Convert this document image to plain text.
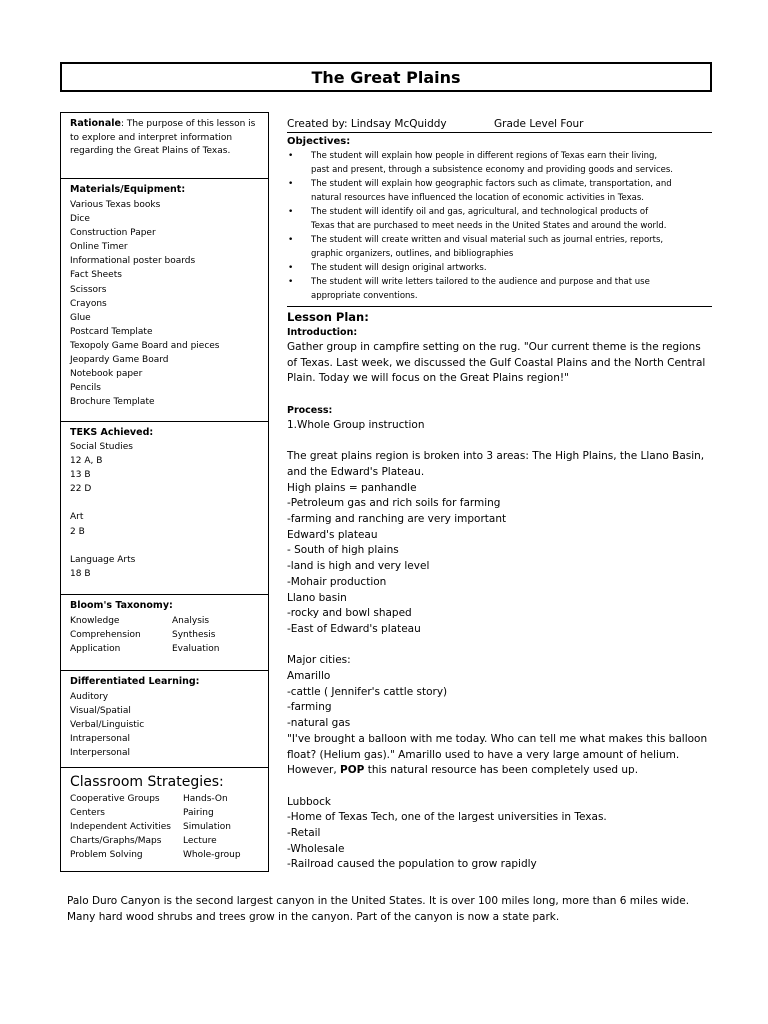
The Great Plains
Rationale: The purpose of this lesson is to explore and interpret information regarding the Great Plains of Texas.
Materials/Equipment:
Various Texas books
Dice
Construction Paper
Online Timer
Informational poster boards
Fact Sheets
Scissors
Crayons
Glue
Postcard Template
Texopoly Game Board and pieces
Jeopardy Game Board
Notebook paper
Pencils
Brochure Template
TEKS Achieved:
Social Studies
12 A, B
13 B
22 D

Art
2 B

Language Arts
18 B
Bloom's Taxonomy:
Knowledge	Analysis
Comprehension	Synthesis
Application	Evaluation
Differentiated Learning:
Auditory
Visual/Spatial
Verbal/Linguistic
Intrapersonal
Interpersonal
Classroom Strategies:
Cooperative Groups	Hands-On
Centers	Pairing
Independent Activities	Simulation
Charts/Graphs/Maps	Lecture
Problem Solving	Whole-group
Created by: Lindsay McQuiddy	Grade Level Four
Objectives:
• The student will explain how people in different regions of Texas earn their living,
past and present, through a subsistence economy and providing goods and services.
• The student will explain how geographic factors such as climate, transportation, and
natural resources have influenced the location of economic activities in Texas.
• The student will identify oil and gas, agricultural, and technological products of
Texas that are purchased to meet needs in the United States and around the world.
• The student will create written and visual material such as journal entries, reports,
graphic organizers, outlines, and bibliographies
• The student will design original artworks.
• The student will write letters tailored to the audience and purpose and that use
appropriate conventions.
Lesson Plan:
Introduction:
Gather group in campfire setting on the rug. "Our current theme is the regions
of Texas. Last week, we discussed the Gulf Coastal Plains and the North Central
Plain. Today we will focus on the Great Plains region!"
Process:
1.Whole Group instruction
The great plains region is broken into 3 areas: The High Plains, the Llano Basin,
and the Edward's Plateau.
High plains = panhandle
-Petroleum gas and rich soils for farming
-farming and ranching are very important
Edward's plateau
- South of high plains
-land is high and very level
-Mohair production
Llano basin
-rocky and bowl shaped
-East of Edward's plateau
Major cities:
Amarillo
-cattle ( Jennifer's cattle story)
-farming
-natural gas
"I've brought a balloon with me today. Who can tell me what makes this balloon
float? (Helium gas)." Amarillo used to have a very large amount of helium.
However, POP this natural resource has been completely used up.
Lubbock
-Home of Texas Tech, one of the largest universities in Texas.
-Retail
-Wholesale
-Railroad caused the population to grow rapidly
Palo Duro Canyon is the second largest canyon in the United States. It is over 100 miles long, more than 6 miles wide.
Many hard wood shrubs and trees grow in the canyon. Part of the canyon is now a state park.
